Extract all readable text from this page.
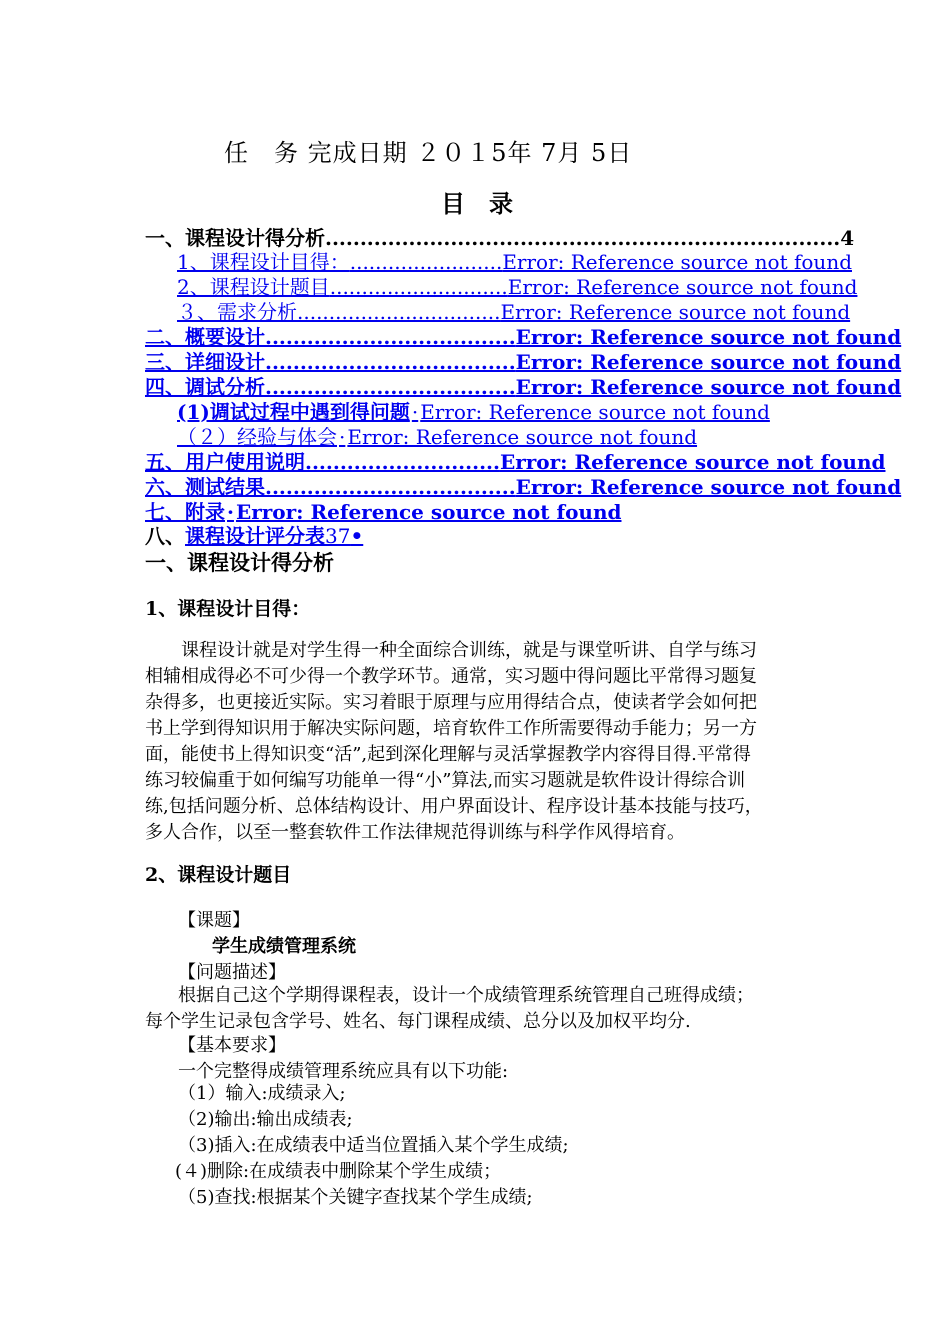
任　务 完成日期 ２０１5年 7月 5日
目　录
一、课程设计得分析 .......................................................................... 4
1、课程设计目得： ........................ Error: Reference source not found
2、课程设计题目 ............................ Error: Reference source not found
３、需求分析 ................................ Error: Reference source not found
二、概要设计 .................................... Error: Reference source not found
三、详细设计 .................................... Error: Reference source not found
四、调试分析 .................................... Error: Reference source not found
(1)调试过程中遇到得问题 · Error: Reference source not found
（２）经验与体会 · Error: Reference source not found
五、用户使用说明 ............................ Error: Reference source not found
六、测试结果 .................................... Error: Reference source not found
七、附录 · Error: Reference source not found
八、 课程设计评分表 37 •
一、课程设计得分析
1、课程设计目得：
课程设计就是对学生得一种全面综合训练，就是与课堂听讲、自学与练习
相辅相成得必不可少得一个教学环节。通常，实习题中得问题比平常得习题复
杂得多，也更接近实际。实习着眼于原理与应用得结合点，使读者学会如何把
书上学到得知识用于解决实际问题，培育软件工作所需要得动手能力；另一方
面，能使书上得知识变“活”,起到深化理解与灵活掌握教学内容得目得.平常得
练习较偏重于如何编写功能单一得“小”算法,而实习题就是软件设计得综合训
练,包括问题分析、总体结构设计、用户界面设计、程序设计基本技能与技巧，
多人合作，以至一整套软件工作法律规范得训练与科学作风得培育。
2、课程设计题目
【课题】
学生成绩管理系统
【问题描述】
根据自己这个学期得课程表，设计一个成绩管理系统管理自己班得成绩；
每个学生记录包含学号、姓名、每门课程成绩、总分以及加权平均分.
【基本要求】
一个完整得成绩管理系统应具有以下功能:
（1）输入:成绩录入;
（2)输出:输出成绩表;
（3)插入:在成绩表中适当位置插入某个学生成绩;
(４)删除:在成绩表中删除某个学生成绩；
（5)查找:根据某个关键字查找某个学生成绩;
